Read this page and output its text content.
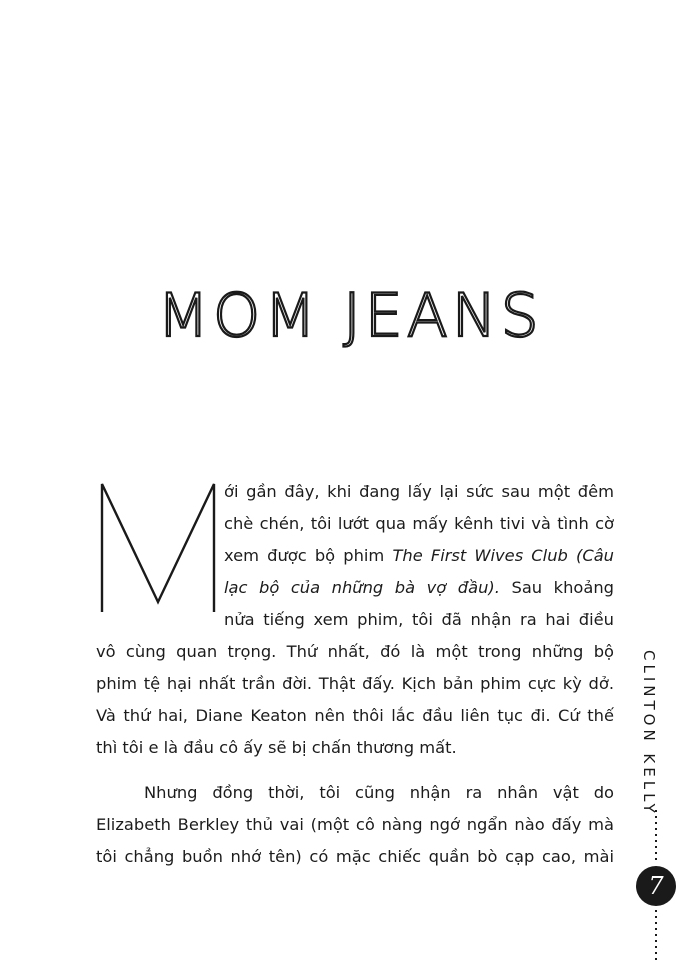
MOM JEANS
M
ới gần đây, khi đang lấy lại sức sau một đêm
chè chén, tôi lướt qua mấy kênh tivi và tình cờ
xem được bộ phim The First Wives Club (Câu
lạc bộ của những bà vợ đầu). Sau khoảng
nửa tiếng xem phim, tôi đã nhận ra hai điều
vô cùng quan trọng. Thứ nhất, đó là một trong những bộ
phim tệ hại nhất trần đời. Thật đấy. Kịch bản phim cực kỳ dở.
Và thứ hai, Diane Keaton nên thôi lắc đầu liên tục đi. Cứ thế
thì tôi e là đầu cô ấy sẽ bị chấn thương mất.
Nhưng đồng thời, tôi cũng nhận ra nhân vật do
Elizabeth Berkley thủ vai (một cô nàng ngớ ngẩn nào đấy mà
tôi chẳng buồn nhớ tên) có mặc chiếc quần bò cạp cao, mài
CLINTON KELLY
7
